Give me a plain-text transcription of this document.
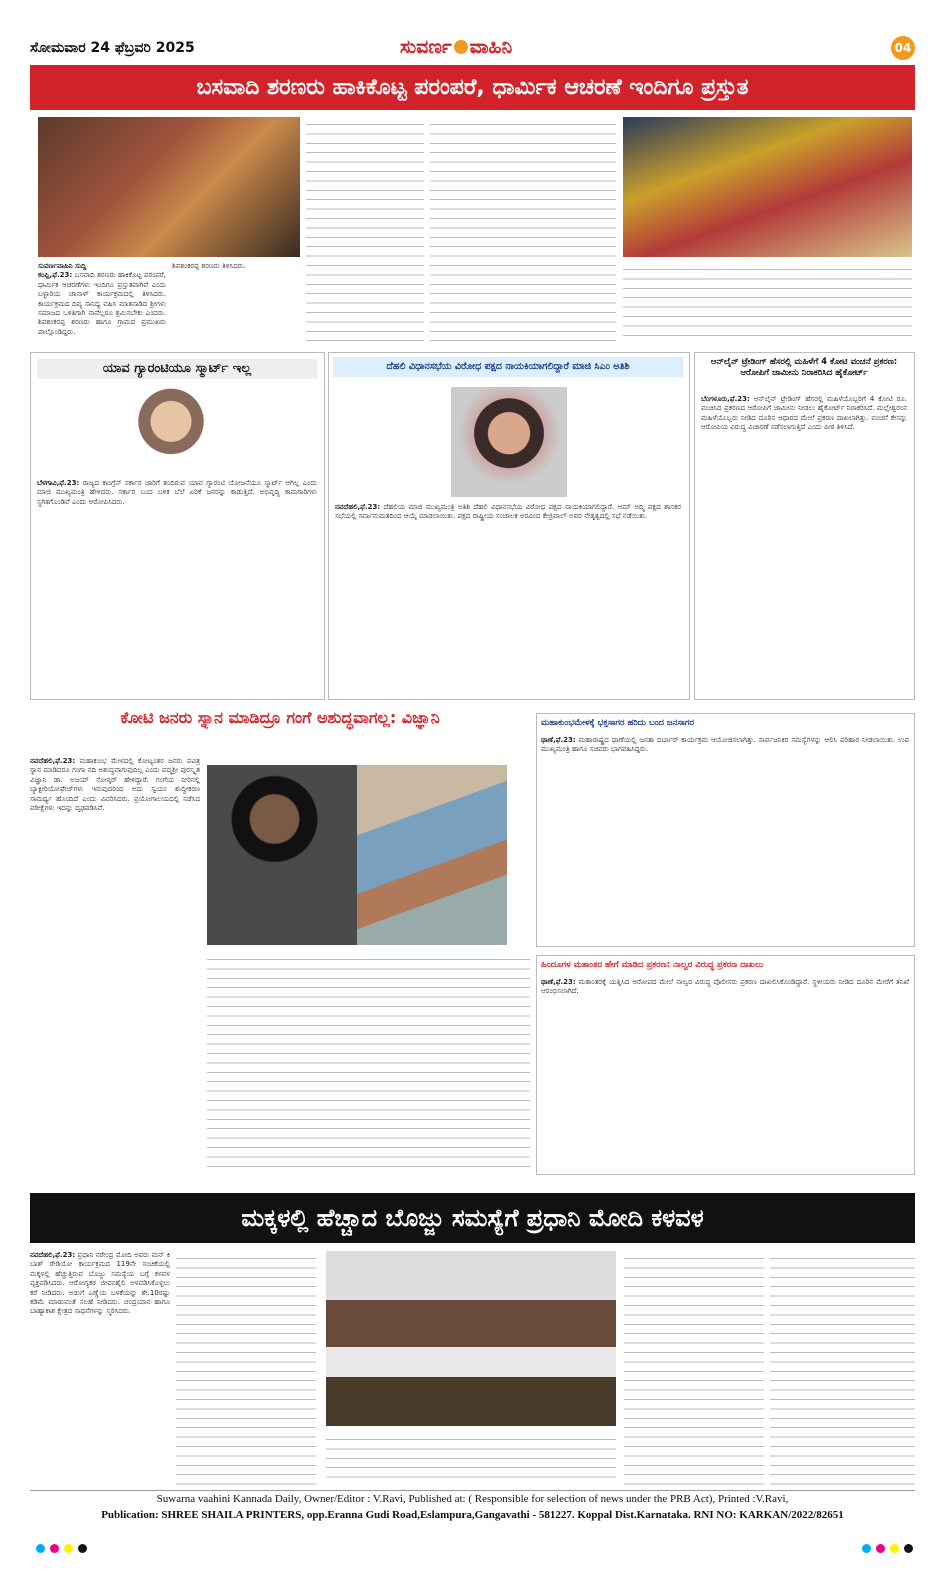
ಸೋಮವಾರ 24 ಫೆಬ್ರವರಿ 2025	ಸುವರ್ಣ ವಾಹಿನಿ	04
ಬಸವಾದಿ ಶರಣರು ಹಾಕಿಕೊಟ್ಟ ಪರಂಪರೆ, ಧಾರ್ಮಿಕ ಆಚರಣೆ ಇಂದಿಗೂ ಪ್ರಸ್ತುತ
ಸುವರ್ಣವಾಹಿನಿ ಸುದ್ದಿ
ಕಂಪ್ಲಿ,ಫೆ.23: ಬಸವಾದಿ ಶರಣರು ಹಾಕಿಕೊಟ್ಟ ಪರಂಪರೆ, ಧಾರ್ಮಿಕ ಆಚರಣೆಗಳು ಇಂದಿಗೂ ಪ್ರಸ್ತುತವಾಗಿವೆ ಎಂದು ಬಳ್ಳಾರಿಯ ಚಾನಾಳ್ ಕಾರ್ಯಕ್ರಮದಲ್ಲಿ ತಿಳಿಸಿದರು. ಕಾರ್ಯಕ್ರಮದ ದಿವ್ಯ ಸಾನಿಧ್ಯ ವಹಿಸಿ ಮಾತನಾಡಿದ ಶ್ರೀಗಳು ಸಮಾಜದ ಒಳಿತಿಗಾಗಿ ನಾವೆಲ್ಲರೂ ಶ್ರಮಿಸಬೇಕು ಎಂದರು. ಶಿವಶಂಕರಪ್ಪ ಶರಣರು ಹಾಗೂ ಗ್ರಾಮದ ಪ್ರಮುಖರು ಪಾಲ್ಗೊಂಡಿದ್ದರು.
ಶಿವಶಂಕರಪ್ಪ ಶರಣರು ತಿಳಿಸಿದರು.
ಯಾವ ಗ್ಯಾರಂಟಿಯೂ ಸ್ಮಾರ್ಟ್ ಇಲ್ಲ
ಬೆಳಗಾವಿ,ಫೆ.23: ರಾಜ್ಯದ ಕಾಂಗ್ರೆಸ್ ಸರ್ಕಾರ ಜಾರಿಗೆ ತಂದಿರುವ ಯಾವ ಗ್ಯಾರಂಟಿ ಯೋಜನೆಯೂ ಸ್ಮಾರ್ಟ್ ಆಗಿಲ್ಲ ಎಂದು ಮಾಜಿ ಮುಖ್ಯಮಂತ್ರಿ ಹೇಳಿದರು. ಸರ್ಕಾರ ಬಂದ ಬಳಿಕ ಬೆಲೆ ಏರಿಕೆ ಜನರನ್ನು ಕಾಡುತ್ತಿದೆ. ಅಭಿವೃದ್ಧಿ ಕಾಮಗಾರಿಗಳು ಸ್ಥಗಿತಗೊಂಡಿವೆ ಎಂದು ಆರೋಪಿಸಿದರು.
ದೆಹಲಿ ವಿಧಾನಸಭೆಯ ವಿರೋಧ ಪಕ್ಷದ ನಾಯಕಿಯಾಗಲಿದ್ದಾರೆ ಮಾಜಿ ಸಿಎಂ ಅತಿಶಿ
ನವದೆಹಲಿ,ಫೆ.23: ದೆಹಲಿಯ ಮಾಜಿ ಮುಖ್ಯಮಂತ್ರಿ ಅತಿಶಿ ದೆಹಲಿ ವಿಧಾನಸಭೆಯ ವಿರೋಧ ಪಕ್ಷದ ನಾಯಕಿಯಾಗಲಿದ್ದಾರೆ. ಆಮ್ ಆದ್ಮಿ ಪಕ್ಷದ ಶಾಸಕರ ಸಭೆಯಲ್ಲಿ ಸರ್ವಾನುಮತದಿಂದ ಆಯ್ಕೆ ಮಾಡಲಾಯಿತು. ಪಕ್ಷದ ರಾಷ್ಟ್ರೀಯ ಸಂಚಾಲಕ ಅರವಿಂದ ಕೇಜ್ರಿವಾಲ್ ಅವರ ನೇತೃತ್ವದಲ್ಲಿ ಸಭೆ ನಡೆಯಿತು.
ಆನ್‌ಲೈನ್ ಟ್ರೇಡಿಂಗ್ ಹೆಸರಲ್ಲಿ ಮಹಿಳೆಗೆ 4 ಕೋಟಿ ವಂಚನೆ ಪ್ರಕರಣ: ಆರೋಪಿಗೆ ಜಾಮೀನು ನಿರಾಕರಿಸಿದ ಹೈಕೋರ್ಟ್
ಬೆಂಗಳೂರು,ಫೆ.23: ಆನ್‌ಲೈನ್ ಟ್ರೇಡಿಂಗ್ ಹೆಸರಲ್ಲಿ ಮಹಿಳೆಯೊಬ್ಬರಿಗೆ 4 ಕೋಟಿ ರೂ. ವಂಚಿಸಿದ ಪ್ರಕರಣದ ಆರೋಪಿಗೆ ಜಾಮೀನು ನೀಡಲು ಹೈಕೋರ್ಟ್ ನಿರಾಕರಿಸಿದೆ. ಮಲ್ಲೇಶ್ವರಂನ ಮಹಿಳೆಯೊಬ್ಬರು ನೀಡಿದ ದೂರಿನ ಆಧಾರದ ಮೇಲೆ ಪ್ರಕರಣ ದಾಖಲಾಗಿತ್ತು. ವಂಚನೆ ಕೇಸನ್ನು ಆರೋಪಿಯ ವಿರುದ್ಧ ವಿಚಾರಣೆ ನಡೆಸಲಾಗುತ್ತಿದೆ ಎಂದು ಪೀಠ ತಿಳಿಸಿದೆ.
ಕೋಟಿ ಜನರು ಸ್ನಾನ ಮಾಡಿದ್ರೂ ಗಂಗೆ ಅಶುದ್ಧವಾಗಲ್ಲ: ವಿಜ್ಞಾನಿ
ನವದೆಹಲಿ,ಫೆ.23: ಮಹಾಕುಂಭ ಮೇಳದಲ್ಲಿ ಕೋಟ್ಯಂತರ ಜನರು ಪವಿತ್ರ ಸ್ನಾನ ಮಾಡಿದರೂ ಗಂಗಾ ನದಿ ಅಶುದ್ಧವಾಗುವುದಿಲ್ಲ ಎಂದು ಪದ್ಮಶ್ರೀ ಪುರಸ್ಕೃತ ವಿಜ್ಞಾನಿ ಡಾ. ಅಜಯ್ ಸೋನ್ಕರ್ ಹೇಳಿದ್ದಾರೆ. ಗಂಗೆಯ ನೀರಿನಲ್ಲಿ ಬ್ಯಾಕ್ಟೀರಿಯೋಫೇಜ್‌ಗಳು ಇರುವುದರಿಂದ ಅದು ಸ್ವಯಂ ಶುದ್ಧೀಕರಣ ಸಾಮರ್ಥ್ಯ ಹೊಂದಿದೆ ಎಂದು ವಿವರಿಸಿದರು. ಪ್ರಯೋಗಾಲಯದಲ್ಲಿ ನಡೆಸಿದ ಪರೀಕ್ಷೆಗಳು ಇದನ್ನು ದೃಢಪಡಿಸಿವೆ.
ಮಹಾಕುಂಭಮೇಳಕ್ಕೆ ಭಕ್ತಸಾಗರ ಹರಿದು ಬಂದ ಜನಸಾಗರ
ಥಾಣೆ,ಫೆ.23: ಮಹಾರಾಷ್ಟ್ರದ ಥಾಣೆಯಲ್ಲಿ ಜನತಾ ದರ್ಬಾರ್ ಕಾರ್ಯಕ್ರಮ ಆಯೋಜಿಸಲಾಗಿತ್ತು. ಸಾರ್ವಜನಿಕರ ಸಮಸ್ಯೆಗಳನ್ನು ಆಲಿಸಿ ಪರಿಹಾರ ನೀಡಲಾಯಿತು. ಉಪ ಮುಖ್ಯಮಂತ್ರಿ ಹಾಗೂ ಸಚಿವರು ಭಾಗವಹಿಸಿದ್ದರು.
ಹಿಂದೂಗಳ ಮತಾಂತರ ಹೇಗೆ ಮಾಡಿದ ಪ್ರಕರಣ: ನಾಲ್ವರ ವಿರುದ್ಧ ಪ್ರಕರಣ ದಾಖಲು
ಥಾಣೆ,ಫೆ.23: ಮತಾಂತರಕ್ಕೆ ಯತ್ನಿಸಿದ ಆರೋಪದ ಮೇಲೆ ನಾಲ್ವರ ವಿರುದ್ಧ ಪೊಲೀಸರು ಪ್ರಕರಣ ದಾಖಲಿಸಿಕೊಂಡಿದ್ದಾರೆ. ಸ್ಥಳೀಯರು ನೀಡಿದ ದೂರಿನ ಮೇರೆಗೆ ತನಿಖೆ ಆರಂಭಿಸಲಾಗಿದೆ.
ಮಕ್ಕಳಲ್ಲಿ ಹೆಚ್ಚಾದ ಬೊಜ್ಜು ಸಮಸ್ಯೆಗೆ ಪ್ರಧಾನಿ ಮೋದಿ ಕಳವಳ
ನವದೆಹಲಿ,ಫೆ.23: ಪ್ರಧಾನಿ ನರೇಂದ್ರ ಮೋದಿ ಅವರು ಮನ್ ಕಿ ಬಾತ್ ರೇಡಿಯೋ ಕಾರ್ಯಕ್ರಮದ 119ನೇ ಸಂಚಿಕೆಯಲ್ಲಿ ಮಕ್ಕಳಲ್ಲಿ ಹೆಚ್ಚುತ್ತಿರುವ ಬೊಜ್ಜು ಸಮಸ್ಯೆಯ ಬಗ್ಗೆ ಕಳವಳ ವ್ಯಕ್ತಪಡಿಸಿದರು. ಆರೋಗ್ಯಕರ ಜೀವನಶೈಲಿ ಅಳವಡಿಸಿಕೊಳ್ಳಲು ಕರೆ ನೀಡಿದರು. ಅಡುಗೆ ಎಣ್ಣೆಯ ಬಳಕೆಯನ್ನು ಶೇ.10ರಷ್ಟು ಕಡಿಮೆ ಮಾಡುವಂತೆ ಸಲಹೆ ನೀಡಿದರು. ಚಂದ್ರಯಾನ ಹಾಗೂ ಬಾಹ್ಯಾಕಾಶ ಕ್ಷೇತ್ರದ ಸಾಧನೆಗಳನ್ನು ಸ್ಮರಿಸಿದರು.
Suwarna vaahini Kannada Daily, Owner/Editor : V.Ravi, Published at: ( Responsible for selection of news under the PRB Act), Printed :V.Ravi,
Publication: SHREE SHAILA PRINTERS, opp.Eranna Gudi Road,Eslampura,Gangavathi - 581227. Koppal Dist.Karnataka. RNI NO: KARKAN/2022/82651
